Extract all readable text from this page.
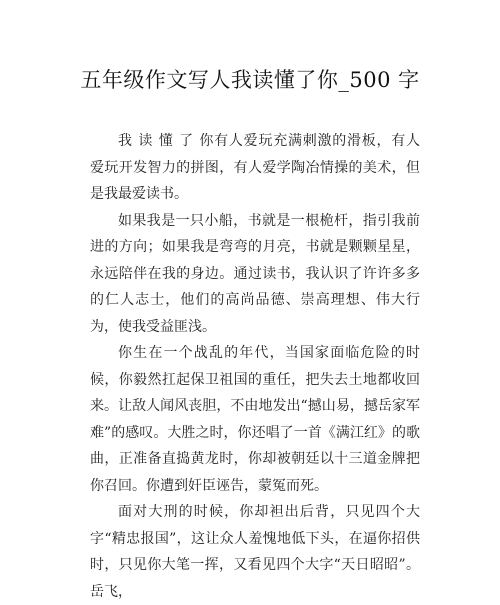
五年级作文写人我读懂了你_500 字

我读懂了你有人爱玩充满刺激的滑板，有人爱玩开发智力的拼图，有人爱学陶冶情操的美术，但是我最爱读书。

如果我是一只小船，书就是一根桅杆，指引我前进的方向；如果我是弯弯的月亮，书就是颗颗星星，永远陪伴在我的身边。通过读书，我认识了许许多多的仁人志士，他们的高尚品德、崇高理想、伟大行为，使我受益匪浅。

你生在一个战乱的年代，当国家面临危险的时候，你毅然扛起保卫祖国的重任，把失去土地都收回来。让敌人闻风丧胆，不由地发出“撼山易，撼岳家军难”的感叹。大胜之时，你还唱了一首《满江红》的歌曲，正准备直捣黄龙时，你却被朝廷以十三道金牌把你召回。你遭到奸臣诬告，蒙冤而死。

面对大刑的时候，你却袒出后背，只见四个大字“精忠报国”，这让众人羞愧地低下头，在逼你招供时，只见你大笔一挥，又看见四个大字“天日昭昭”。岳飞，
